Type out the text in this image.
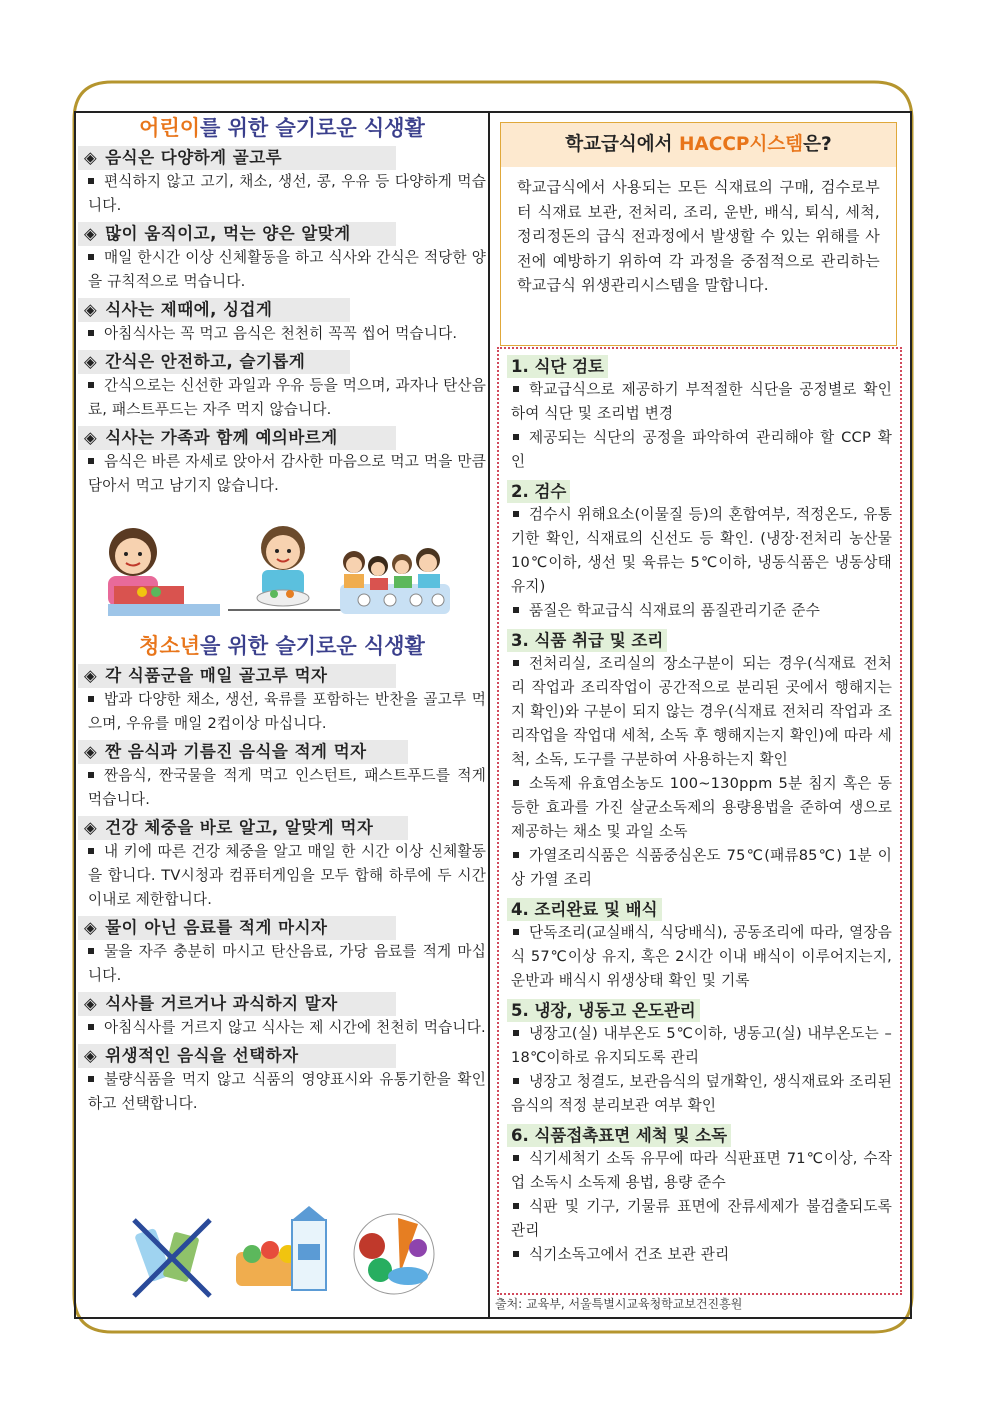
어린이를 위한 슬기로운 식생활
◈ 음식은 다양하게 골고루

편식하지 않고 고기, 채소, 생선, 콩, 우유 등 다양하게 먹습니다.

◈ 많이 움직이고, 먹는 양은 알맞게

매일 한시간 이상 신체활동을 하고 식사와 간식은 적당한 양을 규칙적으로 먹습니다.

◈ 식사는 제때에, 싱겁게

아침식사는 꼭 먹고 음식은 천천히 꼭꼭 씹어 먹습니다.

◈ 간식은 안전하고, 슬기롭게

간식으로는 신선한 과일과 우유 등을 먹으며, 과자나 탄산음료, 패스트푸드는 자주 먹지 않습니다.

◈ 식사는 가족과 함께 예의바르게

음식은 바른 자세로 앉아서 감사한 마음으로 먹고 먹을 만큼 담아서 먹고 남기지 않습니다.

청소년을 위한 슬기로운 식생활
◈ 각 식품군을 매일 골고루 먹자

밥과 다양한 채소, 생선, 육류를 포함하는 반찬을 골고루 먹으며, 우유를 매일 2컵이상 마십니다.

◈ 짠 음식과 기름진 음식을 적게 먹자

짠음식, 짠국물을 적게 먹고 인스턴트, 패스트푸드를 적게 먹습니다.

◈ 건강 체중을 바로 알고, 알맞게 먹자

내 키에 따른 건강 체중을 알고 매일 한 시간 이상 신체활동을 합니다. TV시청과 컴퓨터게임을 모두 합해 하루에 두 시간 이내로 제한합니다.

◈ 물이 아닌 음료를 적게 마시자

물을 자주 충분히 마시고 탄산음료, 가당 음료를 적게 마십니다.

◈ 식사를 거르거나 과식하지 말자

아침식사를 거르지 않고 식사는 제 시간에 천천히 먹습니다.

◈ 위생적인 음식을 선택하자

불량식품을 먹지 않고 식품의 영양표시와 유통기한을 확인하고 선택합니다.

학교급식에서 HACCP시스템은?

학교급식에서 사용되는 모든 식재료의 구매, 검수로부터 식재료 보관, 전처리, 조리, 운반, 배식, 퇴식, 세척, 정리정돈의 급식 전과정에서 발생할 수 있는 위해를 사전에 예방하기 위하여 각 과정을 중점적으로 관리하는 학교급식 위생관리시스템을 말합니다.

1. 식단 검토

학교급식으로 제공하기 부적절한 식단을 공정별로 확인하여 식단 및 조리법 변경

제공되는 식단의 공정을 파악하여 관리해야 할 CCP 확인

2. 검수

검수시 위해요소(이물질 등)의 혼합여부, 적정온도, 유통기한 확인, 식재료의 신선도 등 확인. (냉장·전처리 농산물 10℃이하, 생선 및 육류는 5℃이하, 냉동식품은 냉동상태 유지)

품질은 학교급식 식재료의 품질관리기준 준수

3. 식품 취급 및 조리

전처리실, 조리실의 장소구분이 되는 경우(식재료 전처리 작업과 조리작업이 공간적으로 분리된 곳에서 행해지는지 확인)와 구분이 되지 않는 경우(식재료 전처리 작업과 조리작업을 작업대 세척, 소독 후 행해지는지 확인)에 따라 세척, 소독, 도구를 구분하여 사용하는지 확인

소독제 유효염소농도 100~130ppm 5분 침지 혹은 동등한 효과를 가진 살균소독제의 용량용법을 준하여 생으로 제공하는 채소 및 과일 소독

가열조리식품은 식품중심온도 75℃(패류85℃) 1분 이상 가열 조리

4. 조리완료 및 배식

단독조리(교실배식, 식당배식), 공동조리에 따라, 열장음식 57℃이상 유지, 혹은 2시간 이내 배식이 이루어지는지, 운반과 배식시 위생상태 확인 및 기록

5. 냉장, 냉동고 온도관리

냉장고(실) 내부온도 5℃이하, 냉동고(실) 내부온도는 –18℃이하로 유지되도록 관리

냉장고 청결도, 보관음식의 덮개확인, 생식재료와 조리된 음식의 적정 분리보관 여부 확인

6. 식품접촉표면 세척 및 소독

식기세척기 소독 유무에 따라 식판표면 71℃이상, 수작업 소독시 소독제 용법, 용량 준수

식판 및 기구, 기물류 표면에 잔류세제가 불검출되도록 관리

식기소독고에서 건조 보관 관리

출처: 교육부, 서울특별시교육청학교보건진흥원
